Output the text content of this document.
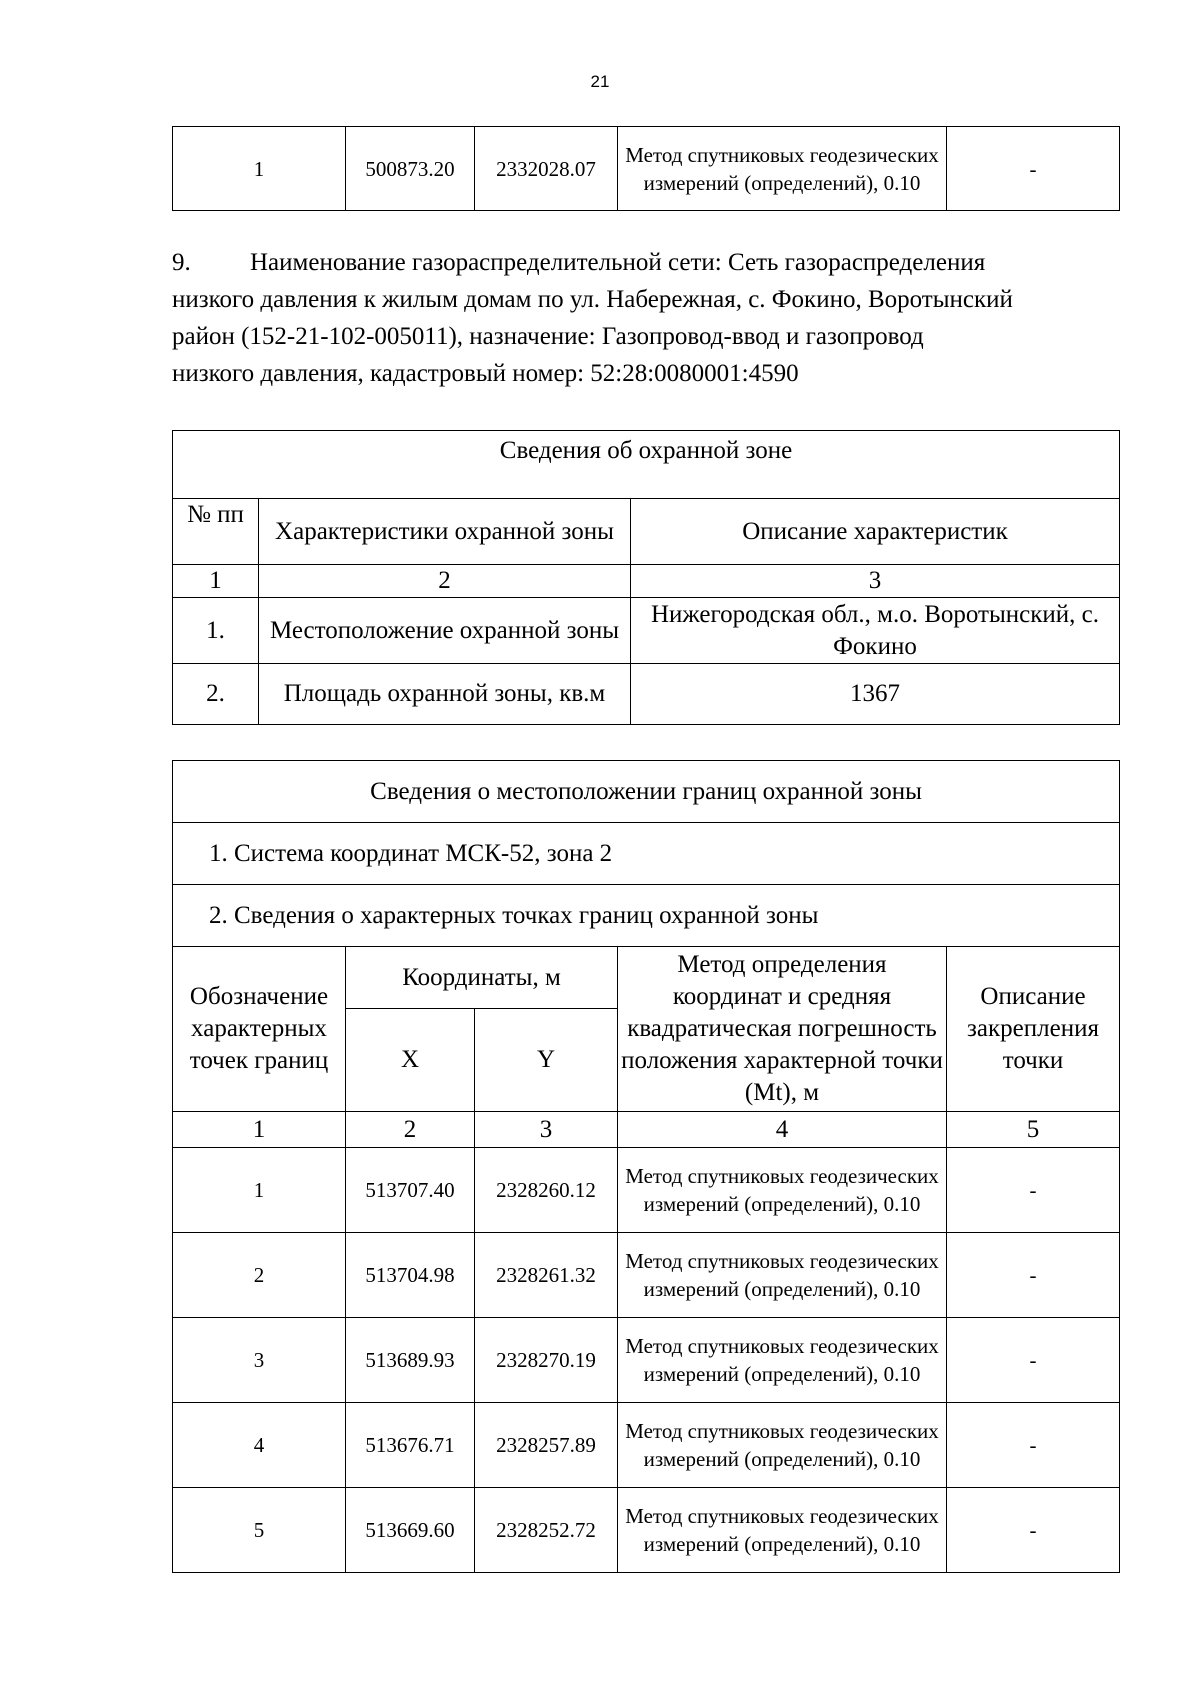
21
1	500873.20	2332028.07	Метод спутниковых геодезических измерений (определений), 0.10	-

9. Наименование газораспределительной сети: Сеть газораспределения

низкого давления к жилым домам по ул. Набережная, с. Фокино, Воротынский

район (152-21-102-005011), назначение: Газопровод-ввод и газопровод

низкого давления, кадастровый номер: 52:28:0080001:4590

Сведения об охранной зоне		
№ пп	Характеристики охранной зоны	Описание характеристик
1	2	3
1.	Местоположение охранной зоны	Нижегородская обл., м.о. Воротынский, с. Фокино
2.	Площадь охранной зоны, кв.м	1367
Сведения о местоположении границ охранной зоны				
1. Система координат МСК-52, зона 2				
2. Сведения о характерных точках границ охранной зоны				
Обозначение характерных точек границ	Координаты, м		Метод определения координат и средняя квадратическая погрешность положения характерной точки (Mt), м	Описание закрепления точки
	X	Y		
1	2	3	4	5
1	513707.40	2328260.12	Метод спутниковых геодезических измерений (определений), 0.10	-
2	513704.98	2328261.32	Метод спутниковых геодезических измерений (определений), 0.10	-
3	513689.93	2328270.19	Метод спутниковых геодезических измерений (определений), 0.10	-
4	513676.71	2328257.89	Метод спутниковых геодезических измерений (определений), 0.10	-
5	513669.60	2328252.72	Метод спутниковых геодезических измерений (определений), 0.10	-
